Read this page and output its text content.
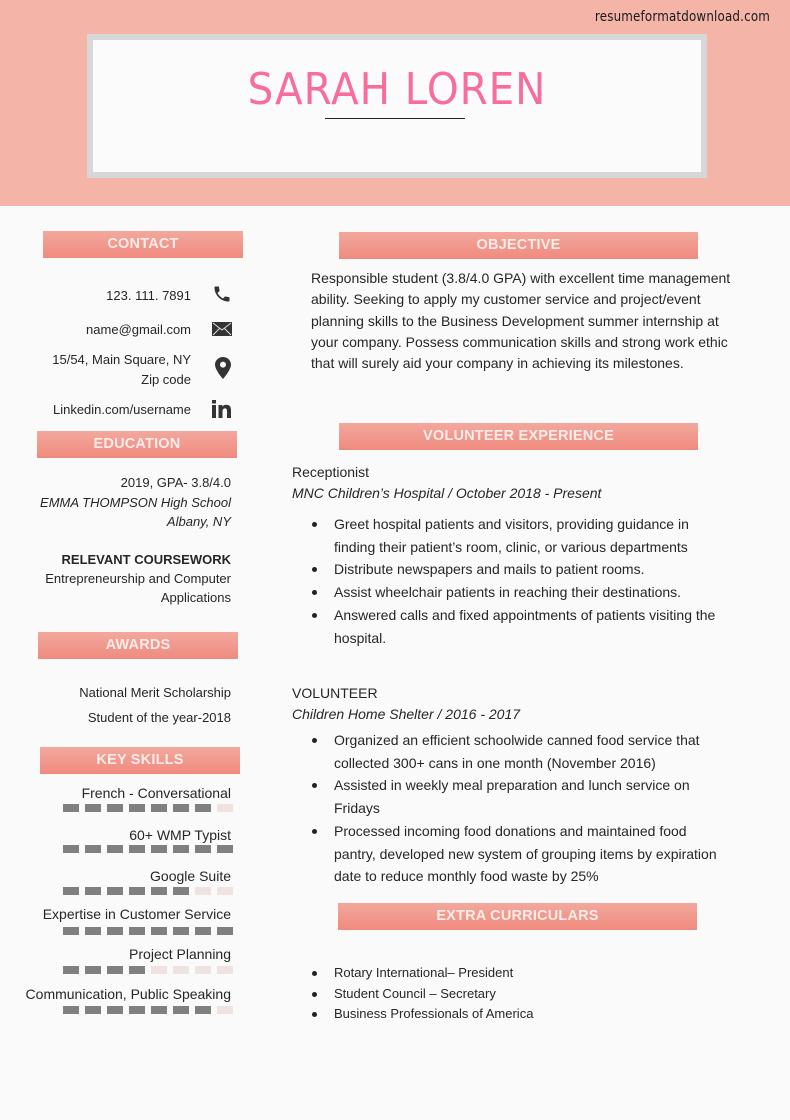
resumeformatdownload.com
SARAH LOREN
CONTACT
123. 111. 7891
name@gmail.com
15/54, Main Square, NY
Zip code
Linkedin.com/username
EDUCATION
2019, GPA- 3.8/4.0
EMMA THOMPSON High School
Albany, NY
RELEVANT COURSEWORK
Entrepreneurship and Computer
Applications
AWARDS
National Merit Scholarship
Student of the year-2018
KEY SKILLS
French - Conversational
60+ WMP Typist
Google Suite
Expertise in Customer Service
Project Planning
Communication, Public Speaking
OBJECTIVE
Responsible student (3.8/4.0 GPA) with excellent time management ability. Seeking to apply my customer service and project/event planning skills to the Business Development summer internship at your company. Possess communication skills and strong work ethic that will surely aid your company in achieving its milestones.
VOLUNTEER EXPERIENCE
Receptionist
MNC Children’s Hospital / October 2018 - Present
Greet hospital patients and visitors, providing guidance in finding their patient’s room, clinic, or various departments
Distribute newspapers and mails to patient rooms.
Assist wheelchair patients in reaching their destinations.
Answered calls and fixed appointments of patients visiting the hospital.
VOLUNTEER
Children Home Shelter / 2016 - 2017
Organized an efficient schoolwide canned food service that collected 300+ cans in one month (November 2016)
Assisted in weekly meal preparation and lunch service on Fridays
Processed incoming food donations and maintained food pantry, developed new system of grouping items by expiration date to reduce monthly food waste by 25%
EXTRA CURRICULARS
Rotary International– President
Student Council – Secretary
Business Professionals of America
